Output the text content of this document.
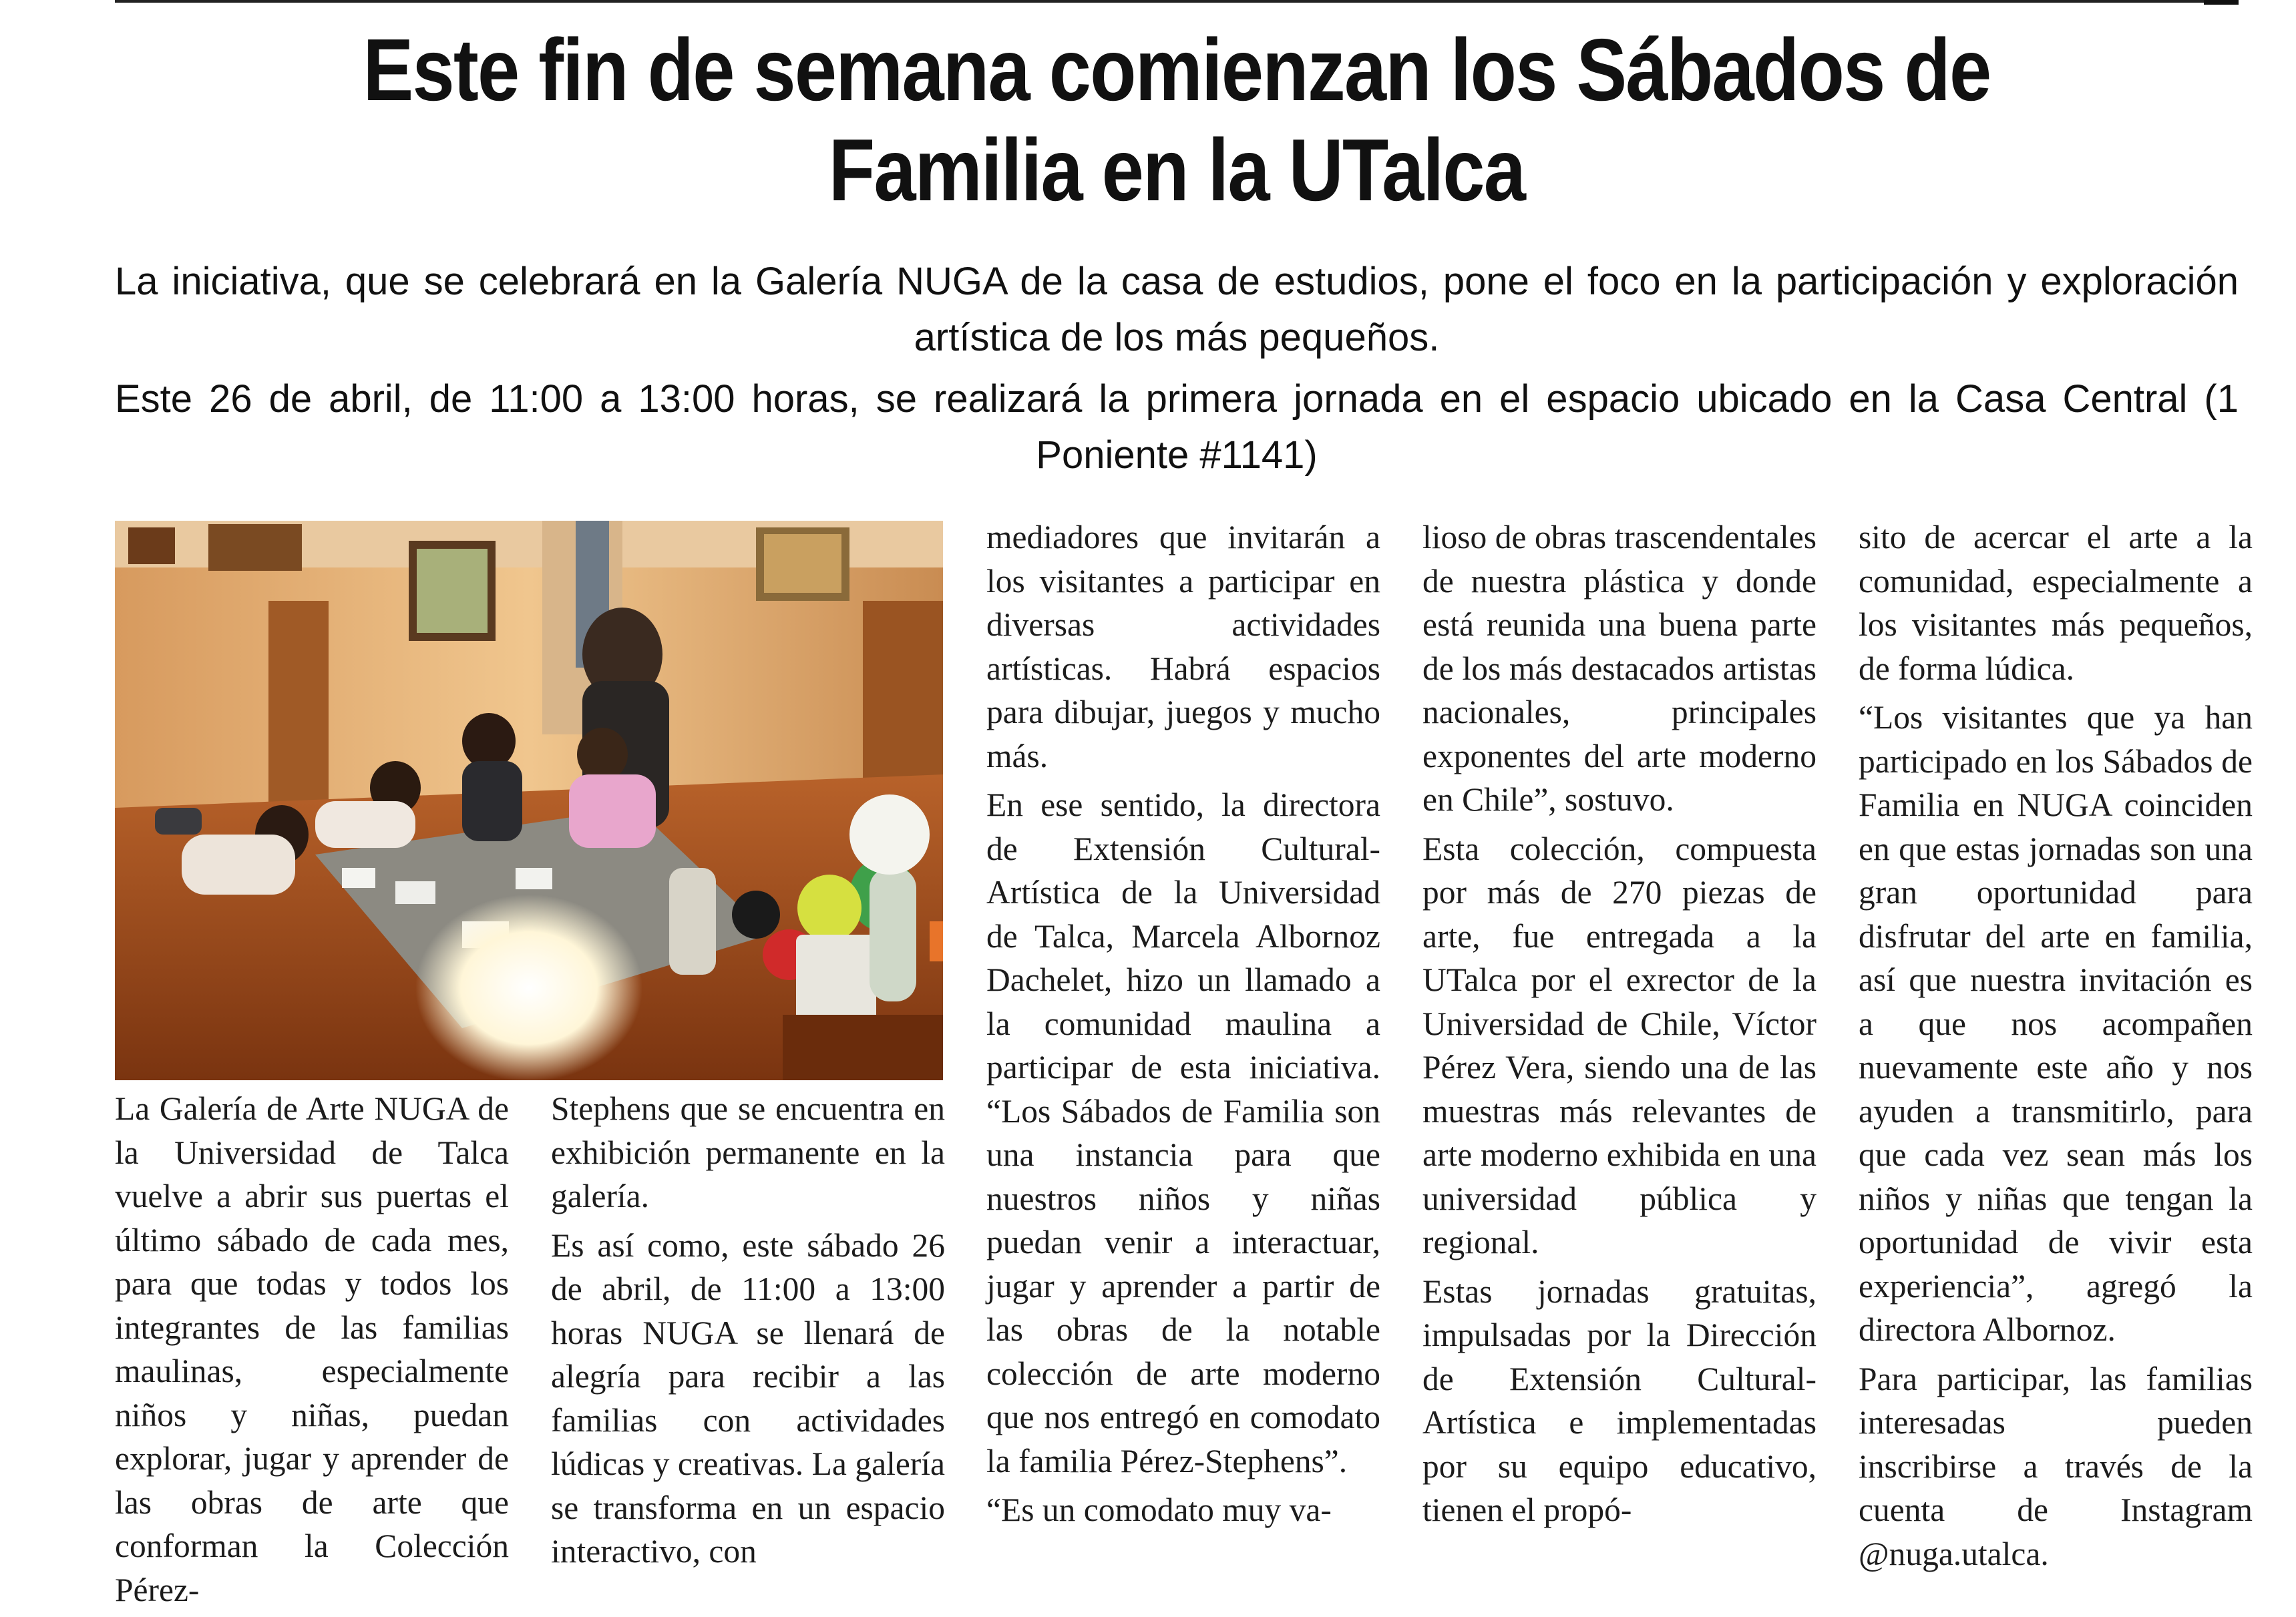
Este fin de semana comienzan los Sábados de Familia en la UTalca

La iniciativa, que se celebrará en la Galería NUGA de la casa de estudios, pone el foco en la participación y exploración artística de los más pequeños.

Este 26 de abril, de 11:00 a 13:00 horas, se realizará la primera jornada en el espacio ubicado en la Casa Central (1 Poniente #1141)

La Galería de Arte NUGA de la Universidad de Talca vuelve a abrir sus puertas el último sábado de cada mes, para que todas y todos los integrantes de las familias maulinas, especialmente niños y niñas, puedan explorar, jugar y aprender de las obras de arte que conforman la Colección Pérez-

Stephens que se encuentra en exhibición permanente en la galería.

Es así como, este sábado 26 de abril, de 11:00 a 13:00 horas NUGA se llenará de alegría para recibir a las familias con actividades lúdicas y creativas. La galería se transforma en un espacio interactivo, con

mediadores que invitarán a los visitantes a participar en diversas actividades artísticas. Habrá espacios para dibujar, juegos y mucho más.

En ese sentido, la directora de Extensión Cultural-Artística de la Universidad de Talca, Marcela Albornoz Dachelet, hizo un llamado a la comunidad maulina a participar de esta iniciativa. “Los Sábados de Familia son una instancia para que nuestros niños y niñas puedan venir a interactuar, jugar y aprender a partir de las obras de la notable colección de arte moderno que nos entregó en comodato la familia Pérez-Stephens”.

“Es un comodato muy va-

lioso de obras trascendentales de nuestra plástica y donde está reunida una buena parte de los más destacados artistas nacionales, principales exponentes del arte moderno en Chile”, sostuvo.

Esta colección, compuesta por más de 270 piezas de arte, fue entregada a la UTalca por el exrector de la Universidad de Chile, Víctor Pérez Vera, siendo una de las muestras más relevantes de arte moderno exhibida en una universidad pública y regional.

Estas jornadas gratuitas, impulsadas por la Dirección de Extensión Cultural-Artística e implementadas por su equipo educativo, tienen el propó-

sito de acercar el arte a la comunidad, especialmente a los visitantes más pequeños, de forma lúdica.

“Los visitantes que ya han participado en los Sábados de Familia en NUGA coinciden en que estas jornadas son una gran oportunidad para disfrutar del arte en familia, así que nuestra invitación es a que nos acompañen nuevamente este año y nos ayuden a transmitirlo, para que cada vez sean más los niños y niñas que tengan la oportunidad de vivir esta experiencia”, agregó la directora Albornoz.

Para participar, las familias interesadas pueden inscribirse a través de la cuenta de Instagram @nuga.utalca.
